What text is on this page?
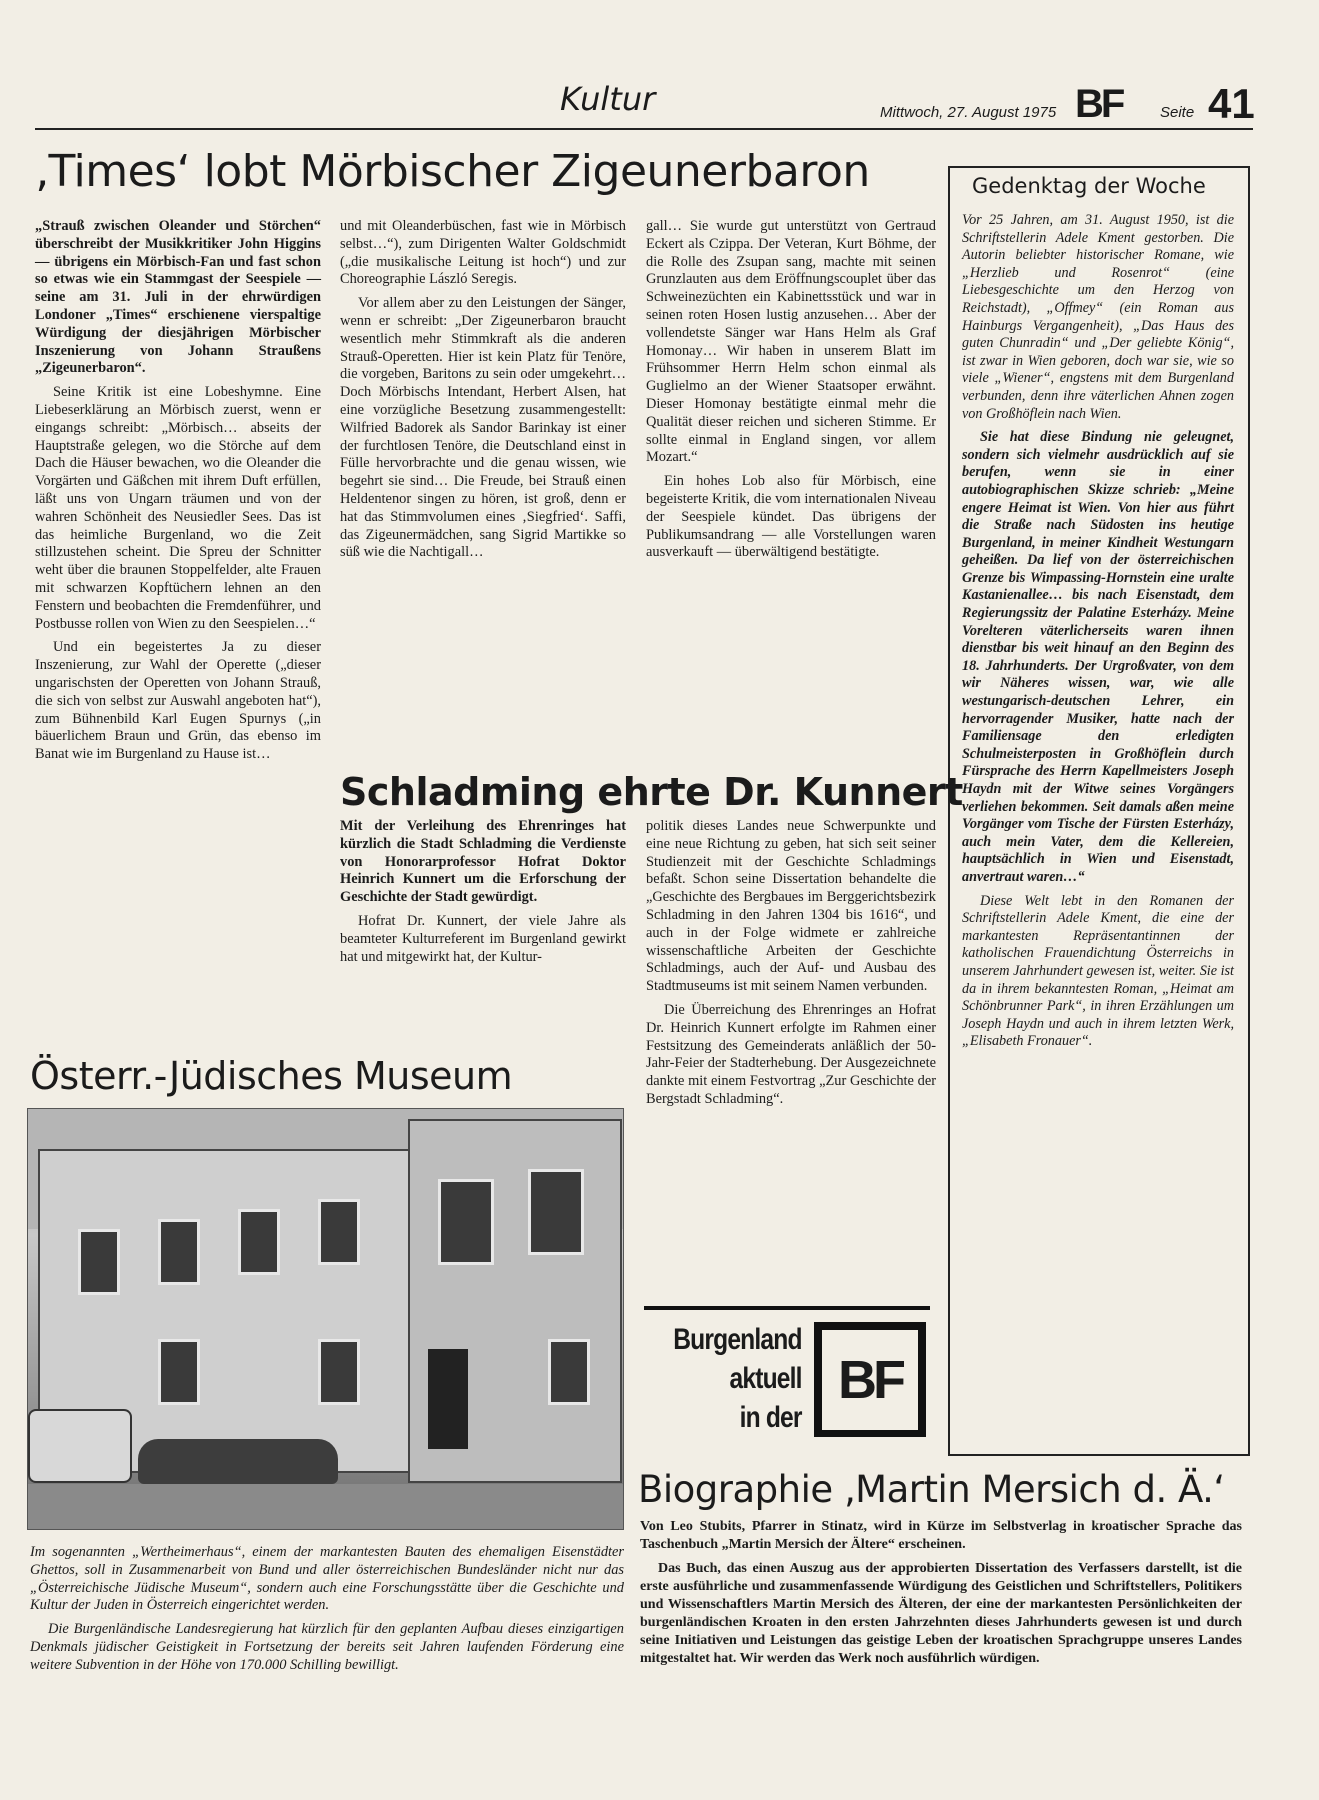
Kultur	Mittwoch, 27. August 1975 BF	Seite 41
‚Times‘ lobt Mörbischer Zigeunerbaron

„Strauß zwischen Oleander und Störchen“ überschreibt der Musikkritiker John Higgins — übrigens ein Mörbisch-Fan und fast schon so etwas wie ein Stammgast der Seespiele — seine am 31. Juli in der ehrwürdigen Londoner „Times“ erschienene vierspaltige Würdigung der diesjährigen Mörbischer Inszenierung von Johann Straußens „Zigeunerbaron“.

Seine Kritik ist eine Lobeshymne. Eine Liebeserklärung an Mörbisch zuerst, wenn er eingangs schreibt: „Mörbisch… abseits der Hauptstraße gelegen, wo die Störche auf dem Dach die Häuser bewachen, wo die Oleander die Vorgärten und Gäßchen mit ihrem Duft erfüllen, läßt uns von Ungarn träumen und von der wahren Schönheit des Neusiedler Sees. Das ist das heimliche Burgenland, wo die Zeit stillzustehen scheint. Die Spreu der Schnitter weht über die braunen Stoppelfelder, alte Frauen mit schwarzen Kopftüchern lehnen an den Fenstern und beobachten die Fremdenführer, und Postbusse rollen von Wien zu den Seespielen…“

Und ein begeistertes Ja zu dieser Inszenierung, zur Wahl der Operette („dieser ungarischsten der Operetten von Johann Strauß, die sich von selbst zur Auswahl angeboten hat“), zum Bühnenbild Karl Eugen Spurnys („in bäuerlichem Braun und Grün, das ebenso im Banat wie im Burgenland zu Hause ist…

und mit Oleanderbüschen, fast wie in Mörbisch selbst…“), zum Dirigenten Walter Goldschmidt („die musikalische Leitung ist hoch“) und zur Choreographie László Seregis.

Vor allem aber zu den Leistungen der Sänger, wenn er schreibt: „Der Zigeunerbaron braucht wesentlich mehr Stimmkraft als die anderen Strauß-Operetten. Hier ist kein Platz für Tenöre, die vorgeben, Baritons zu sein oder umgekehrt… Doch Mörbischs Intendant, Herbert Alsen, hat eine vorzügliche Besetzung zusammengestellt: Wilfried Badorek als Sandor Barinkay ist einer der furchtlosen Tenöre, die Deutschland einst in Fülle hervorbrachte und die genau wissen, wie begehrt sie sind… Die Freude, bei Strauß einen Heldentenor singen zu hören, ist groß, denn er hat das Stimmvolumen eines ‚Siegfried‘. Saffi, das Zigeunermädchen, sang Sigrid Martikke so süß wie die Nachtigall…

gall… Sie wurde gut unterstützt von Gertraud Eckert als Czippa. Der Veteran, Kurt Böhme, der die Rolle des Zsupan sang, machte mit seinen Grunzlauten aus dem Eröffnungscouplet über das Schweinezüchten ein Kabinettsstück und war in seinen roten Hosen lustig anzusehen… Aber der vollendetste Sänger war Hans Helm als Graf Homonay… Wir haben in unserem Blatt im Frühsommer Herrn Helm schon einmal als Guglielmo an der Wiener Staatsoper erwähnt. Dieser Homonay bestätigte einmal mehr die Qualität dieser reichen und sicheren Stimme. Er sollte einmal in England singen, vor allem Mozart.“

Ein hohes Lob also für Mörbisch, eine begeisterte Kritik, die vom internationalen Niveau der Seespiele kündet. Das übrigens der Publikumsandrang — alle Vorstellungen waren ausverkauft — überwältigend bestätigte.

Gedenktag der Woche

Vor 25 Jahren, am 31. August 1950, ist die Schriftstellerin Adele Kment gestorben. Die Autorin beliebter historischer Romane, wie „Herzlieb und Rosenrot“ (eine Liebesgeschichte um den Herzog von Reichstadt), „Offmey“ (ein Roman aus Hainburgs Vergangenheit), „Das Haus des guten Chunradin“ und „Der geliebte König“, ist zwar in Wien geboren, doch war sie, wie so viele „Wiener“, engstens mit dem Burgenland verbunden, denn ihre väterlichen Ahnen zogen von Großhöflein nach Wien.

Sie hat diese Bindung nie geleugnet, sondern sich vielmehr ausdrücklich auf sie berufen, wenn sie in einer autobiographischen Skizze schrieb: „Meine engere Heimat ist Wien. Von hier aus führt die Straße nach Südosten ins heutige Burgenland, in meiner Kindheit Westungarn geheißen. Da lief von der österreichischen Grenze bis Wimpassing-Hornstein eine uralte Kastanienallee… bis nach Eisenstadt, dem Regierungssitz der Palatine Esterházy. Meine Vorelteren väterlicherseits waren ihnen dienstbar bis weit hinauf an den Beginn des 18. Jahrhunderts. Der Urgroßvater, von dem wir Näheres wissen, war, wie alle westungarisch-deutschen Lehrer, ein hervorragender Musiker, hatte nach der Familiensage den erledigten Schulmeisterposten in Großhöflein durch Fürsprache des Herrn Kapellmeisters Joseph Haydn mit der Witwe seines Vorgängers verliehen bekommen. Seit damals aßen meine Vorgänger vom Tische der Fürsten Esterházy, auch mein Vater, dem die Kellereien, hauptsächlich in Wien und Eisenstadt, anvertraut waren…“

Diese Welt lebt in den Romanen der Schriftstellerin Adele Kment, die eine der markantesten Repräsentantinnen der katholischen Frauendichtung Österreichs in unserem Jahrhundert gewesen ist, weiter. Sie ist da in ihrem bekanntesten Roman, „Heimat am Schönbrunner Park“, in ihren Erzählungen um Joseph Haydn und auch in ihrem letzten Werk, „Elisabeth Fronauer“.

Schladming ehrte Dr. Kunnert

Mit der Verleihung des Ehrenringes hat kürzlich die Stadt Schladming die Verdienste von Honorarprofessor Hofrat Doktor Heinrich Kunnert um die Erforschung der Geschichte der Stadt gewürdigt.

Hofrat Dr. Kunnert, der viele Jahre als beamteter Kulturreferent im Burgenland gewirkt hat und mitgewirkt hat, der Kultur-

politik dieses Landes neue Schwerpunkte und eine neue Richtung zu geben, hat sich seit seiner Studienzeit mit der Geschichte Schladmings befaßt. Schon seine Dissertation behandelte die „Geschichte des Bergbaues im Berggerichtsbezirk Schladming in den Jahren 1304 bis 1616“, und auch in der Folge widmete er zahlreiche wissenschaftliche Arbeiten der Geschichte Schladmings, auch der Auf- und Ausbau des Stadtmuseums ist mit seinem Namen verbunden.

Die Überreichung des Ehrenringes an Hofrat Dr. Heinrich Kunnert erfolgte im Rahmen einer Festsitzung des Gemeinderats anläßlich der 50-Jahr-Feier der Stadterhebung. Der Ausgezeichnete dankte mit einem Festvortrag „Zur Geschichte der Bergstadt Schladming“.

Österr.-Jüdisches Museum

Im sogenannten „Wertheimerhaus“, einem der markantesten Bauten des ehemaligen Eisenstädter Ghettos, soll in Zusammenarbeit von Bund und aller österreichischen Bundesländer nicht nur das „Österreichische Jüdische Museum“, sondern auch eine Forschungsstätte über die Geschichte und Kultur der Juden in Österreich eingerichtet werden.

Die Burgenländische Landesregierung hat kürzlich für den geplanten Aufbau dieses einzigartigen Denkmals jüdischer Geistigkeit in Fortsetzung der bereits seit Jahren laufenden Förderung eine weitere Subvention in der Höhe von 170.000 Schilling bewilligt.

Burgenland
aktuell
in der
BF
Biographie ‚Martin Mersich d. Ä.‘

Von Leo Stubits, Pfarrer in Stinatz, wird in Kürze im Selbstverlag in kroatischer Sprache das Taschenbuch „Martin Mersich der Ältere“ erscheinen.

Das Buch, das einen Auszug aus der approbierten Dissertation des Verfassers darstellt, ist die erste ausführliche und zusammenfassende Würdigung des Geistlichen und Schriftstellers, Politikers und Wissenschaftlers Martin Mersich des Älteren, der eine der markantesten Persönlichkeiten der burgenländischen Kroaten in den ersten Jahrzehnten dieses Jahrhunderts gewesen ist und durch seine Initiativen und Leistungen das geistige Leben der kroatischen Sprachgruppe unseres Landes mitgestaltet hat. Wir werden das Werk noch ausführlich würdigen.
